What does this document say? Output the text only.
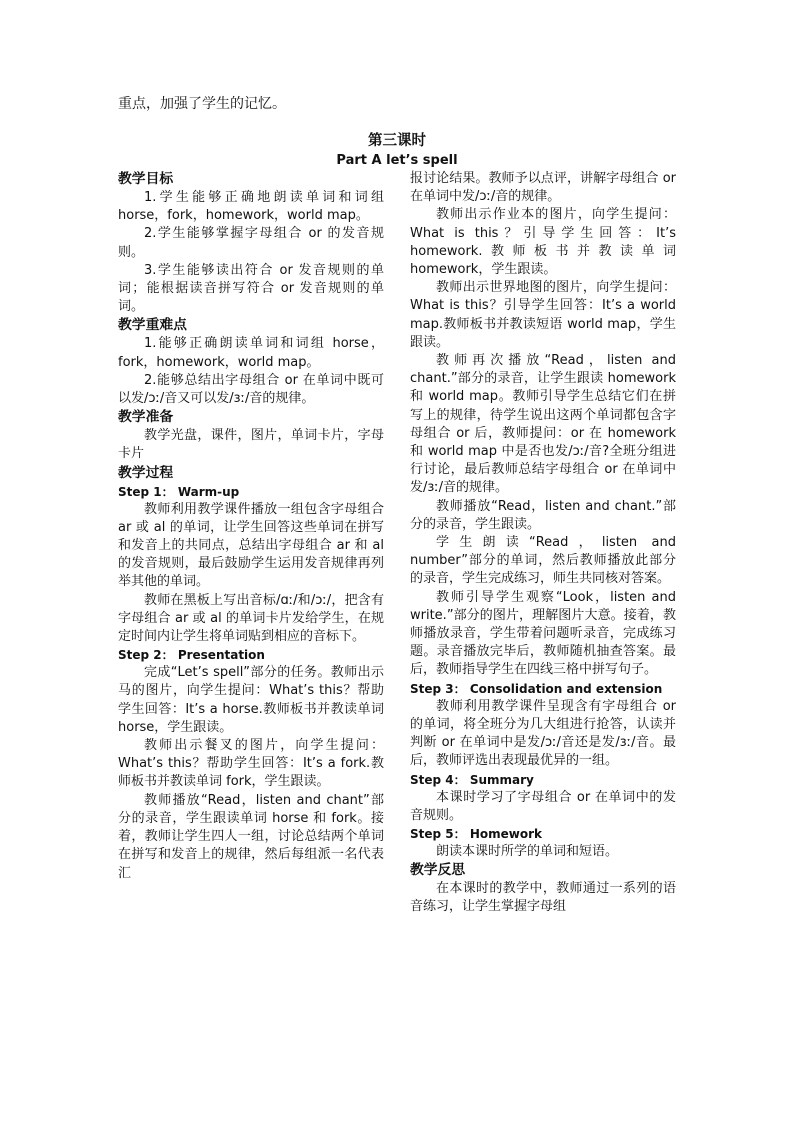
重点，加强了学生的记忆。
第三课时
Part A let’s spell

教学目标

1.学生能够正确地朗读单词和词组 horse，fork，homework，world map。

2.学生能够掌握字母组合 or 的发音规则。

3.学生能够读出符合 or 发音规则的单词；能根据读音拼写符合 or 发音规则的单词。

教学重难点

1.能够正确朗读单词和词组 horse，fork，homework，world map。

2.能够总结出字母组合 or 在单词中既可以发/ɔː/音又可以发/ɜː/音的规律。

教学准备

教学光盘，课件，图片，单词卡片，字母卡片

教学过程

Step 1： Warm-up

教师利用教学课件播放一组包含字母组合 ar 或 al 的单词，让学生回答这些单词在拼写和发音上的共同点，总结出字母组合 ar 和 al 的发音规则，最后鼓励学生运用发音规律再列举其他的单词。

教师在黑板上写出音标/ɑː/和/ɔː/，把含有字母组合 ar 或 al 的单词卡片发给学生，在规定时间内让学生将单词贴到相应的音标下。

Step 2： Presentation

完成“Let’s spell”部分的任务。教师出示马的图片，向学生提问：What’s this？帮助学生回答：It’s a horse.教师板书并教读单词 horse，学生跟读。

教师出示餐叉的图片，向学生提问：What’s this？帮助学生回答：It’s a fork.教师板书并教读单词 fork，学生跟读。

教师播放“Read，listen and chant”部分的录音，学生跟读单词 horse 和 fork。接着，教师让学生四人一组，讨论总结两个单词在拼写和发音上的规律，然后每组派一名代表汇

报讨论结果。教师予以点评，讲解字母组合 or 在单词中发/ɔː/音的规律。

教师出示作业本的图片，向学生提问：What is this？引导学生回答：It’s homework.教师板书并教读单词 homework，学生跟读。

教师出示世界地图的图片，向学生提问：What is this？引导学生回答：It’s a world map.教师板书并教读短语 world map，学生跟读。

教师再次播放“Read，listen and chant.”部分的录音，让学生跟读 homework 和 world map。教师引导学生总结它们在拼写上的规律，待学生说出这两个单词都包含字母组合 or 后，教师提问：or 在 homework 和 world map 中是否也发/ɔː/音?全班分组进行讨论，最后教师总结字母组合 or 在单词中发/ɜː/音的规律。

教师播放“Read，listen and chant.”部分的录音，学生跟读。

学生朗读“Read，listen and number”部分的单词，然后教师播放此部分的录音，学生完成练习，师生共同核对答案。

教师引导学生观察“Look，listen and write.”部分的图片，理解图片大意。接着，教师播放录音，学生带着问题听录音，完成练习题。录音播放完毕后，教师随机抽查答案。最后，教师指导学生在四线三格中拼写句子。

Step 3： Consolidation and extension

教师利用教学课件呈现含有字母组合 or 的单词，将全班分为几大组进行抢答，认读并判断 or 在单词中是发/ɔː/音还是发/ɜː/音。最后，教师评选出表现最优异的一组。

Step 4： Summary

本课时学习了字母组合 or 在单词中的发音规则。

Step 5： Homework

朗读本课时所学的单词和短语。

教学反思

在本课时的教学中，教师通过一系列的语音练习，让学生掌握字母组
